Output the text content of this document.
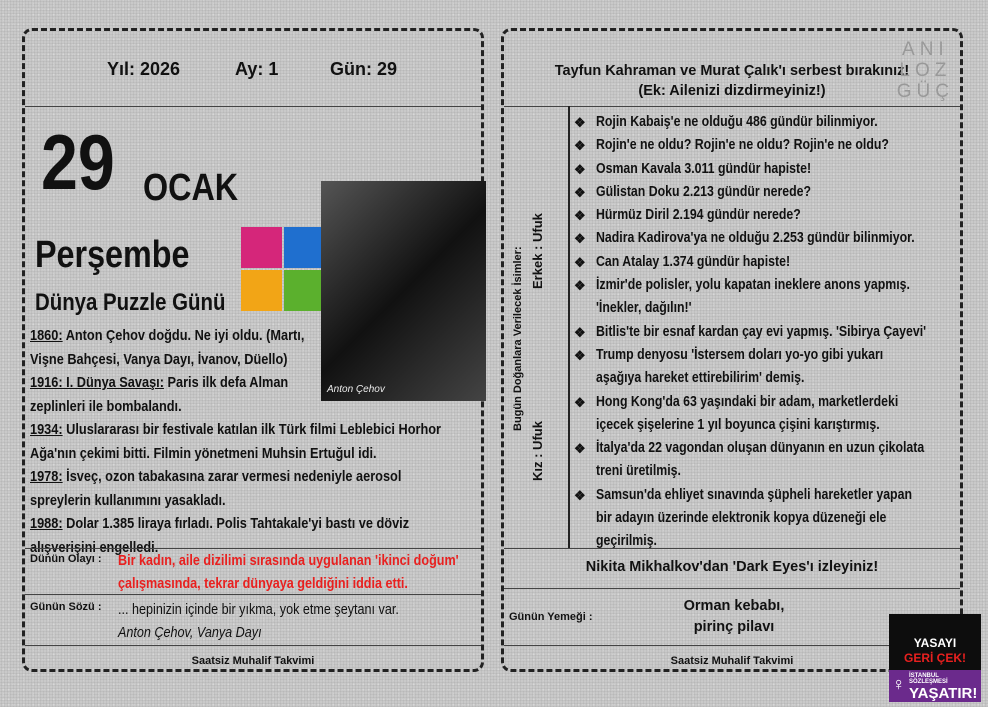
Yıl: 2026	Ay: 1	Gün: 29
29 OCAK
Perşembe
Dünya Puzzle Günü
Anton Çehov

1860: Anton Çehov doğdu. Ne iyi oldu. (Martı,

Vişne Bahçesi, Vanya Dayı, İvanov, Düello)

1916: I. Dünya Savaşı: Paris ilk defa Alman

zeplinleri ile bombalandı.

1934: Uluslararası bir festivale katılan ilk Türk filmi Leblebici Horhor

Ağa'nın çekimi bitti. Filmin yönetmeni Muhsin Ertuğul idi.

1978: İsveç, ozon tabakasına zarar vermesi nedeniyle aerosol

spreylerin kullanımını yasakladı.

1988: Dolar 1.385 liraya fırladı. Polis Tahtakale'yi bastı ve döviz

alışverişini engelledi.

Dünün Olayı : Bir kadın, aile dizilimi sırasında uygulanan 'ikinci doğum'
çalışmasında, tekrar dünyaya geldiğini iddia etti.
Günün Sözü : ... hepinizin içinde bir yıkma, yok etme şeytanı var.
Anton Çehov, Vanya Dayı
Saatsiz Muhalif Takvimi
Tayfun Kahraman ve Murat Çalık'ı serbest bırakınız!
(Ek: Ailenizi dizdirmeyiniz!)
ANI
LOZ
GÜÇ
Bugün Doğanlara Verilecek İsimler: Erkek : Ufuk
Kız : Ufuk
❖ Rojin Kabaiş'e ne olduğu 486 gündür bilinmiyor.
❖ Rojin'e ne oldu? Rojin'e ne oldu? Rojin'e ne oldu?
❖ Osman Kavala 3.011 gündür hapiste!
❖ Gülistan Doku 2.213 gündür nerede?
❖ Hürmüz Diril 2.194 gündür nerede?
❖ Nadira Kadirova'ya ne olduğu 2.253 gündür bilinmiyor.
❖ Can Atalay 1.374 gündür hapiste!
❖ İzmir'de polisler, yolu kapatan ineklere anons yapmış.
'İnekler, dağılın!'
❖ Bitlis'te bir esnaf kardan çay evi yapmış. 'Sibirya Çayevi'
❖ Trump denyosu 'İstersem doları yo-yo gibi yukarı
aşağıya hareket ettirebilirim' demiş.
❖ Hong Kong'da 63 yaşındaki bir adam, marketlerdeki
içecek şişelerine 1 yıl boyunca çişini karıştırmış.
❖ İtalya'da 22 vagondan oluşan dünyanın en uzun çikolata
treni üretilmiş.
❖ Samsun'da ehliyet sınavında şüpheli hareketler yapan
bir adayın üzerinde elektronik kopya düzeneği ele
geçirilmiş.
Nikita Mikhalkov'dan 'Dark Eyes'ı izleyiniz!
Günün Yemeği :
Orman kebabı,
pirinç pilavı
Saatsiz Muhalif Takvimi
YASAYI
GERİ ÇEK!
♀ İSTANBUL SÖZLEŞMESİ
YAŞATIR!
